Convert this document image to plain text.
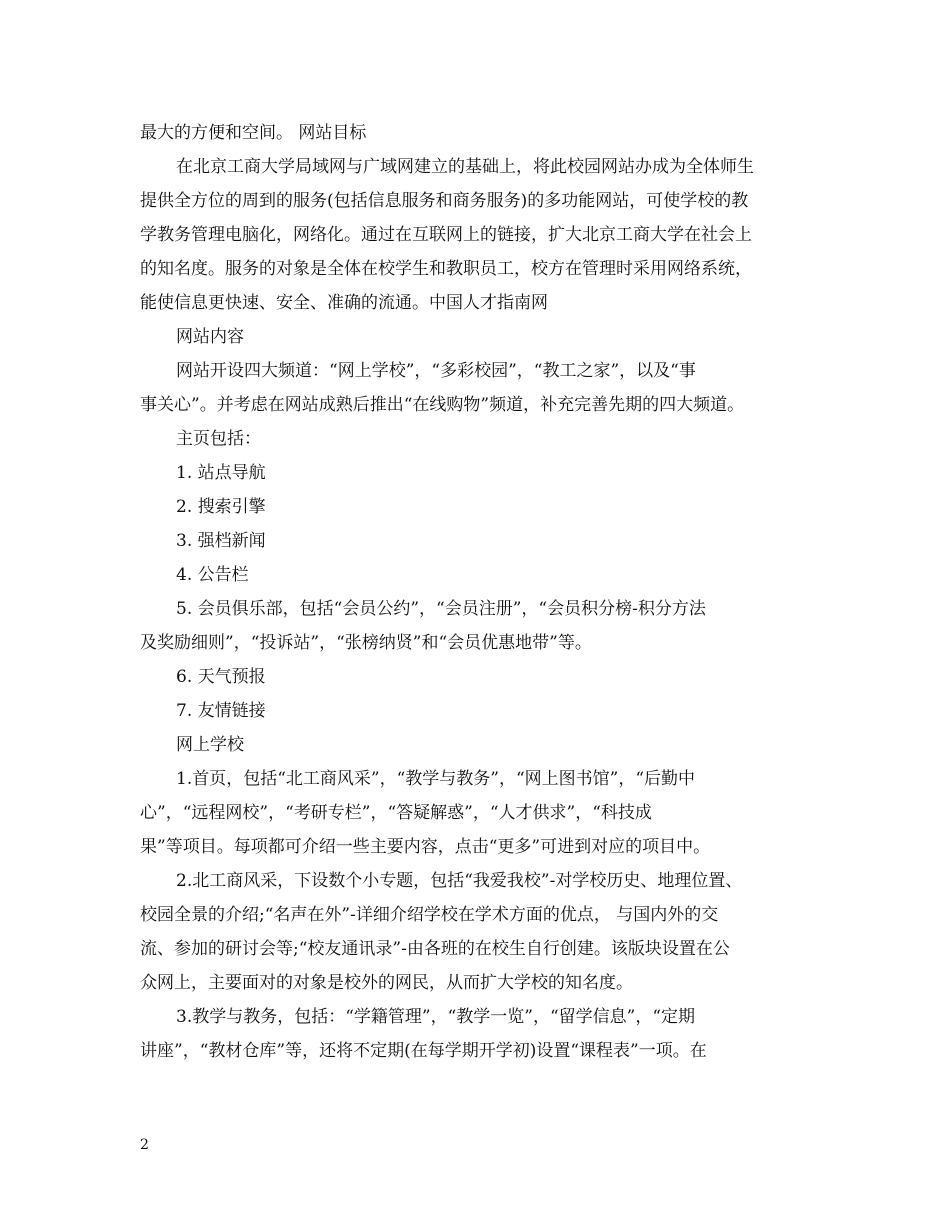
最大的方便和空间。 网站目标
在北京工商大学局域网与广域网建立的基础上，将此校园网站办成为全体师生
提供全方位的周到的服务(包括信息服务和商务服务)的多功能网站，可使学校的教
学教务管理电脑化，网络化。通过在互联网上的链接，扩大北京工商大学在社会上
的知名度。服务的对象是全体在校学生和教职员工，校方在管理时采用网络系统，
能使信息更快速、安全、准确的流通。中国人才指南网
网站内容
网站开设四大频道：“网上学校”，“多彩校园”，“教工之家”，以及“事
事关心”。并考虑在网站成熟后推出“在线购物”频道，补充完善先期的四大频道。
主页包括：
1. 站点导航
2. 搜索引擎
3. 强档新闻
4. 公告栏
5. 会员俱乐部，包括“会员公约”，“会员注册”，“会员积分榜-积分方法
及奖励细则”，“投诉站”，“张榜纳贤”和“会员优惠地带”等。
6. 天气预报
7. 友情链接
网上学校
1.首页，包括“北工商风采”，“教学与教务”，“网上图书馆”，“后勤中
心”，“远程网校”，“考研专栏”，“答疑解惑”，“人才供求”，“科技成
果”等项目。每项都可介绍一些主要内容，点击“更多”可进到对应的项目中。
2.北工商风采，下设数个小专题，包括“我爱我校”-对学校历史、地理位置、
校园全景的介绍;“名声在外”-详细介绍学校在学术方面的优点， 与国内外的交
流、参加的研讨会等;“校友通讯录”-由各班的在校生自行创建。该版块设置在公
众网上，主要面对的对象是校外的网民，从而扩大学校的知名度。
3.教学与教务，包括：“学籍管理”，“教学一览”，“留学信息”，“定期
讲座”，“教材仓库”等，还将不定期(在每学期开学初)设置“课程表”一项。在
2
